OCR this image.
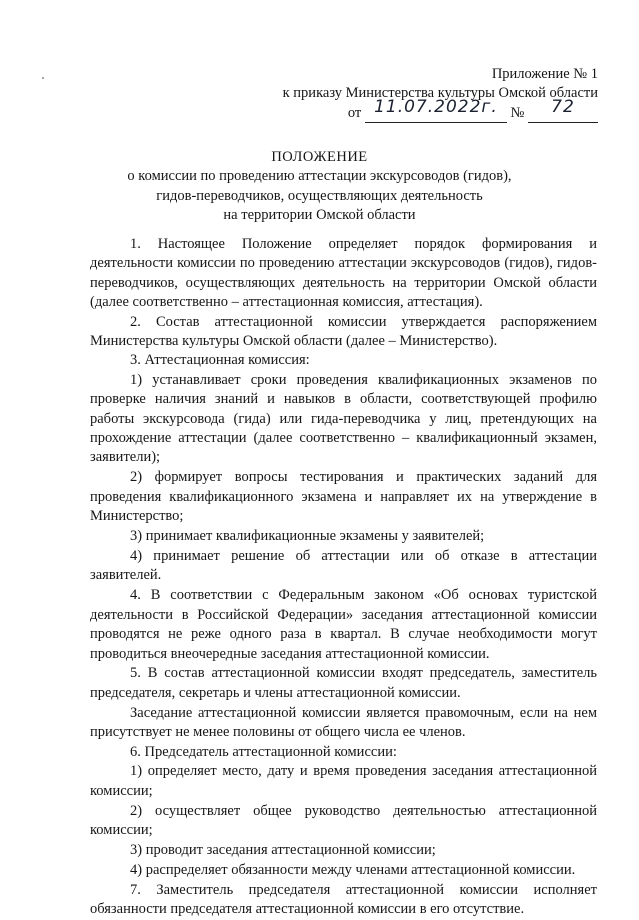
Приложение № 1
к приказу Министерства культуры Омской области
от 11.07.2022г. № 72
ПОЛОЖЕНИЕ
о комиссии по проведению аттестации экскурсоводов (гидов),
гидов-переводчиков, осуществляющих деятельность
на территории Омской области

1. Настоящее Положение определяет порядок формирования и деятельности комиссии по проведению аттестации экскурсоводов (гидов), гидов-переводчиков, осуществляющих деятельность на территории Омской области (далее соответственно – аттестационная комиссия, аттестация).

2. Состав аттестационной комиссии утверждается распоряжением Министерства культуры Омской области (далее – Министерство).

3. Аттестационная комиссия:

1) устанавливает сроки проведения квалификационных экзаменов по проверке наличия знаний и навыков в области, соответствующей профилю работы экскурсовода (гида) или гида-переводчика у лиц, претендующих на прохождение аттестации (далее соответственно – квалификационный экзамен, заявители);

2) формирует вопросы тестирования и практических заданий для проведения квалификационного экзамена и направляет их на утверждение в Министерство;

3) принимает квалификационные экзамены у заявителей;

4) принимает решение об аттестации или об отказе в аттестации заявителей.

4. В соответствии с Федеральным законом «Об основах туристской деятельности в Российской Федерации» заседания аттестационной комиссии проводятся не реже одного раза в квартал. В случае необходимости могут проводиться внеочередные заседания аттестационной комиссии.

5. В состав аттестационной комиссии входят председатель, заместитель председателя, секретарь и члены аттестационной комиссии.

Заседание аттестационной комиссии является правомочным, если на нем присутствует не менее половины от общего числа ее членов.

6. Председатель аттестационной комиссии:

1) определяет место, дату и время проведения заседания аттестационной комиссии;

2) осуществляет общее руководство деятельностью аттестационной комиссии;

3) проводит заседания аттестационной комиссии;

4) распределяет обязанности между членами аттестационной комиссии.

7. Заместитель председателя аттестационной комиссии исполняет обязанности председателя аттестационной комиссии в его отсутствие.
